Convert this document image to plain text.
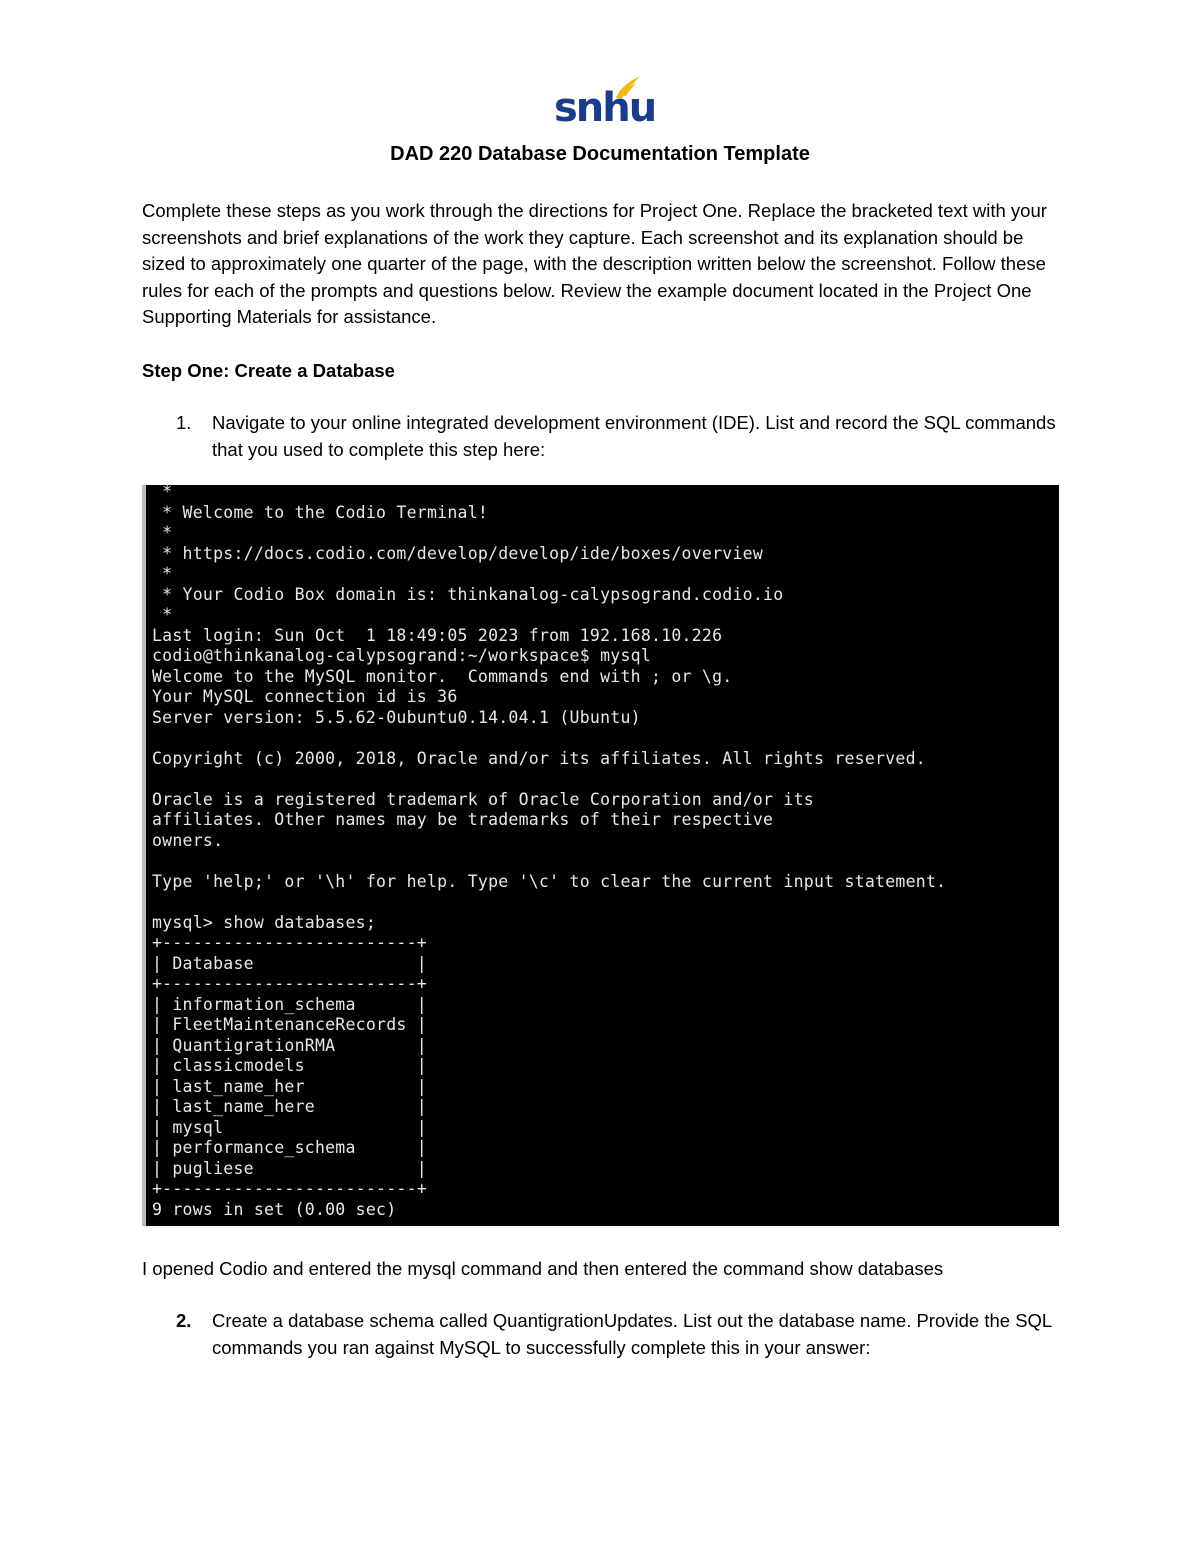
snhu
DAD 220 Database Documentation Template

Complete these steps as you work through the directions for Project One. Replace the bracketed text with your screenshots and brief explanations of the work they capture. Each screenshot and its explanation should be sized to approximately one quarter of the page, with the description written below the screenshot. Follow these rules for each of the prompts and questions below. Review the example document located in the Project One Supporting Materials for assistance.

Step One: Create a Database
1. Navigate to your online integrated development environment (IDE). List and record the SQL commands that you used to complete this step here:
*
* Welcome to the Codio Terminal!
*
* https://docs.codio.com/develop/develop/ide/boxes/overview
*
* Your Codio Box domain is: thinkanalog-calypsogrand.codio.io
*
Last login: Sun Oct  1 18:49:05 2023 from 192.168.10.226
codio@thinkanalog-calypsogrand:~/workspace$ mysql
Welcome to the MySQL monitor.  Commands end with ; or \g.
Your MySQL connection id is 36
Server version: 5.5.62-0ubuntu0.14.04.1 (Ubuntu)
Copyright (c) 2000, 2018, Oracle and/or its affiliates. All rights reserved.
Oracle is a registered trademark of Oracle Corporation and/or its
affiliates. Other names may be trademarks of their respective
owners.
Type 'help;' or '\h' for help. Type '\c' to clear the current input statement.
mysql> show databases;
+-------------------------+
| Database                |
+-------------------------+
| information_schema      |
| FleetMaintenanceRecords |
| QuantigrationRMA        |
| classicmodels           |
| last_name_her           |
| last_name_here          |
| mysql                   |
| performance_schema      |
| pugliese                |
+-------------------------+
9 rows in set (0.00 sec)
I opened Codio and entered the mysql command and then entered the command show databases
2. Create a database schema called QuantigrationUpdates. List out the database name. Provide the SQL commands you ran against MySQL to successfully complete this in your answer:
